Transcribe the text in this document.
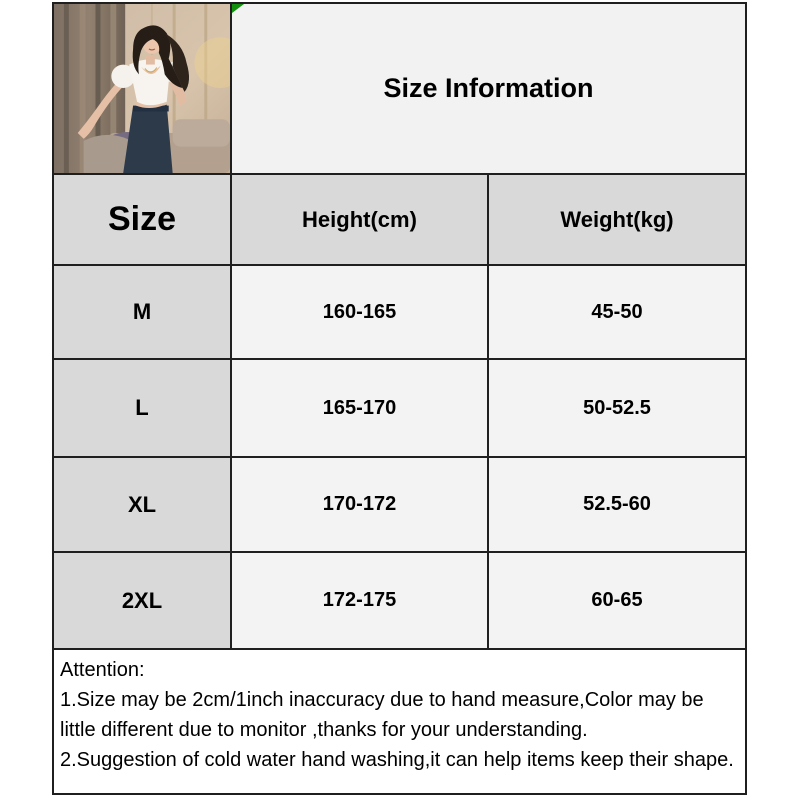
Size Information
Size	Height(cm)	Weight(kg)
M	160-165	45-50
L	165-170	50-52.5
XL	170-172	52.5-60
2XL	172-175	60-65

Attention:

1.Size may be 2cm/1inch inaccuracy due to hand measure,Color may be little different due to monitor ,thanks for your understanding.

2.Suggestion of cold water hand washing,it can help items keep their shape.
